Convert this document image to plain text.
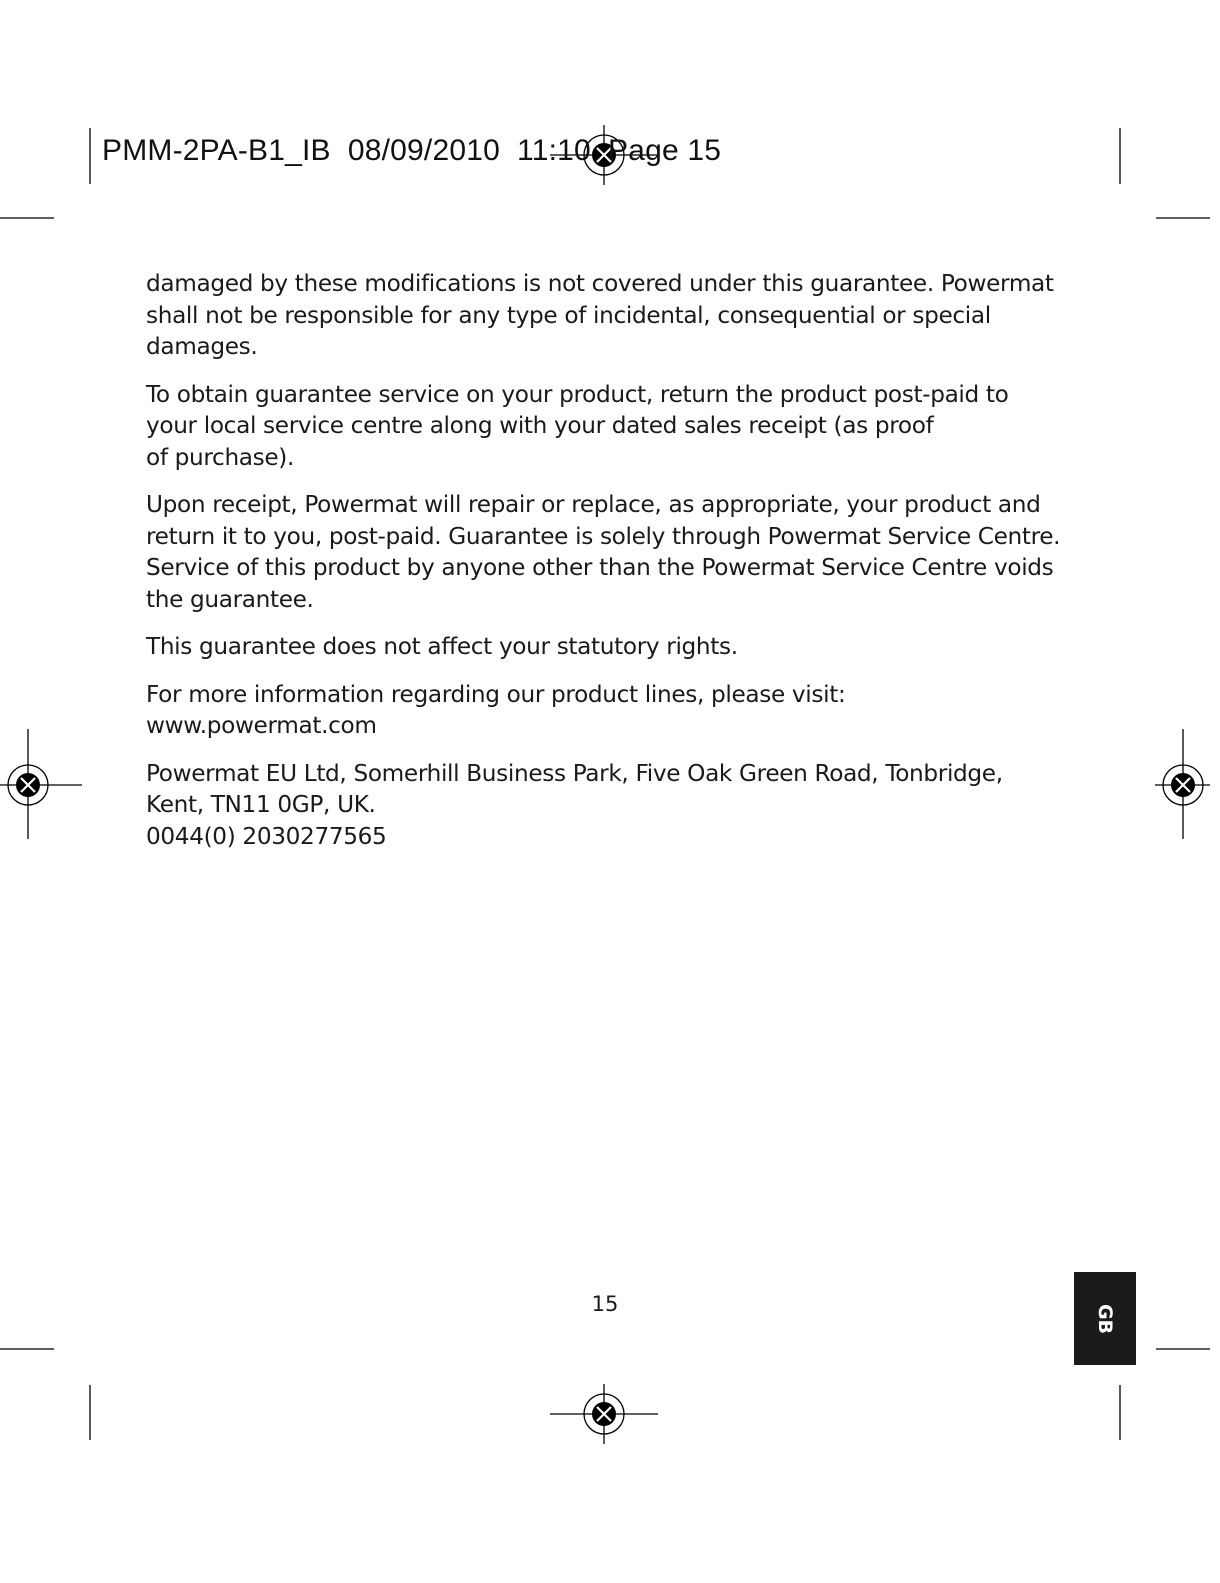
PMM-2PA-B1_IB  08/09/2010  11:10  Page 15

damaged by these modifications is not covered under this guarantee. Powermat
shall not be responsible for any type of incidental, consequential or special
damages.

To obtain guarantee service on your product, return the product post-paid to
your local service centre along with your dated sales receipt (as proof
of purchase).

Upon receipt, Powermat will repair or replace, as appropriate, your product and
return it to you, post-paid. Guarantee is solely through Powermat Service Centre.
Service of this product by anyone other than the Powermat Service Centre voids
the guarantee.

This guarantee does not affect your statutory rights.

For more information regarding our product lines, please visit:
www.powermat.com

Powermat EU Ltd, Somerhill Business Park, Five Oak Green Road, Tonbridge,
Kent, TN11 0GP, UK.
0044(0) 2030277565

15	GB
